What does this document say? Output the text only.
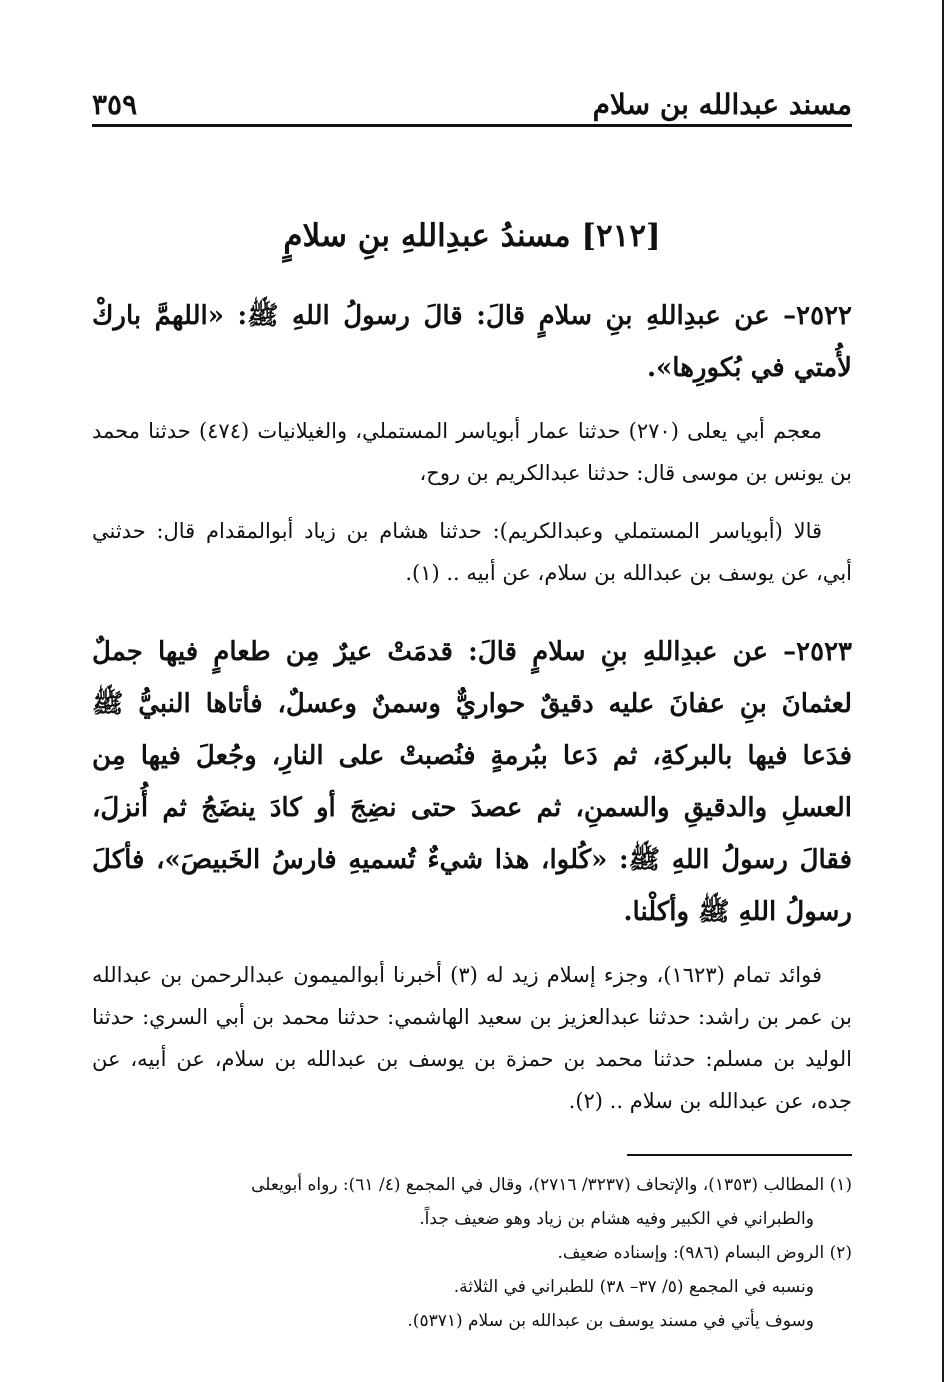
مسند عبدالله بن سلام
٣٥٩
[٢١٢] مسندُ عبدِاللهِ بنِ سلامٍ

٢٥٢٢– عن عبدِاللهِ بنِ سلامٍ قالَ: قالَ رسولُ اللهِ ﷺ: «اللهمَّ باركْ لأُمتي في بُكورِها».

معجم أبي يعلى (٢٧٠) حدثنا عمار أبوياسر المستملي، والغيلانيات (٤٧٤) حدثنا محمد بن يونس بن موسى قال: حدثنا عبدالكريم بن روح،

قالا (أبوياسر المستملي وعبدالكريم): حدثنا هشام بن زياد أبوالمقدام قال: حدثني أبي، عن يوسف بن عبدالله بن سلام، عن أبيه .. (١).

٢٥٢٣– عن عبدِاللهِ بنِ سلامٍ قالَ: قدمَتْ عيرٌ مِن طعامٍ فيها جملٌ لعثمانَ بنِ عفانَ عليه دقيقٌ حواريٌّ وسمنٌ وعسلٌ، فأتاها النبيُّ ﷺ فدَعا فيها بالبركةِ، ثم دَعا ببُرمةٍ فنُصبتْ على النارِ، وجُعلَ فيها مِن العسلِ والدقيقِ والسمنِ، ثم عصدَ حتى نضِجَ أو كادَ ينضَجُ ثم أُنزلَ، فقالَ رسولُ اللهِ ﷺ: «كُلوا، هذا شيءٌ تُسميهِ فارسُ الخَبيصَ»، فأكلَ رسولُ اللهِ ﷺ وأكلْنا.

فوائد تمام (١٦٢٣)، وجزء إسلام زيد له (٣) أخبرنا أبوالميمون عبدالرحمن بن عبدالله بن عمر بن راشد: حدثنا عبدالعزيز بن سعيد الهاشمي: حدثنا محمد بن أبي السري: حدثنا الوليد بن مسلم: حدثنا محمد بن حمزة بن يوسف بن عبدالله بن سلام، عن أبيه، عن جده، عن عبدالله بن سلام .. (٢).

(١) المطالب (١٣٥٣)، والإتحاف (٣٢٣٧/ ٢٧١٦)، وقال في المجمع (٤/ ٦١): رواه أبويعلى

والطبراني في الكبير وفيه هشام بن زياد وهو ضعيف جداً.

(٢) الروض البسام (٩٨٦): وإسناده ضعيف.

ونسبه في المجمع (٥/ ٣٧– ٣٨) للطبراني في الثلاثة.

وسوف يأتي في مسند يوسف بن عبدالله بن سلام (٥٣٧١).
